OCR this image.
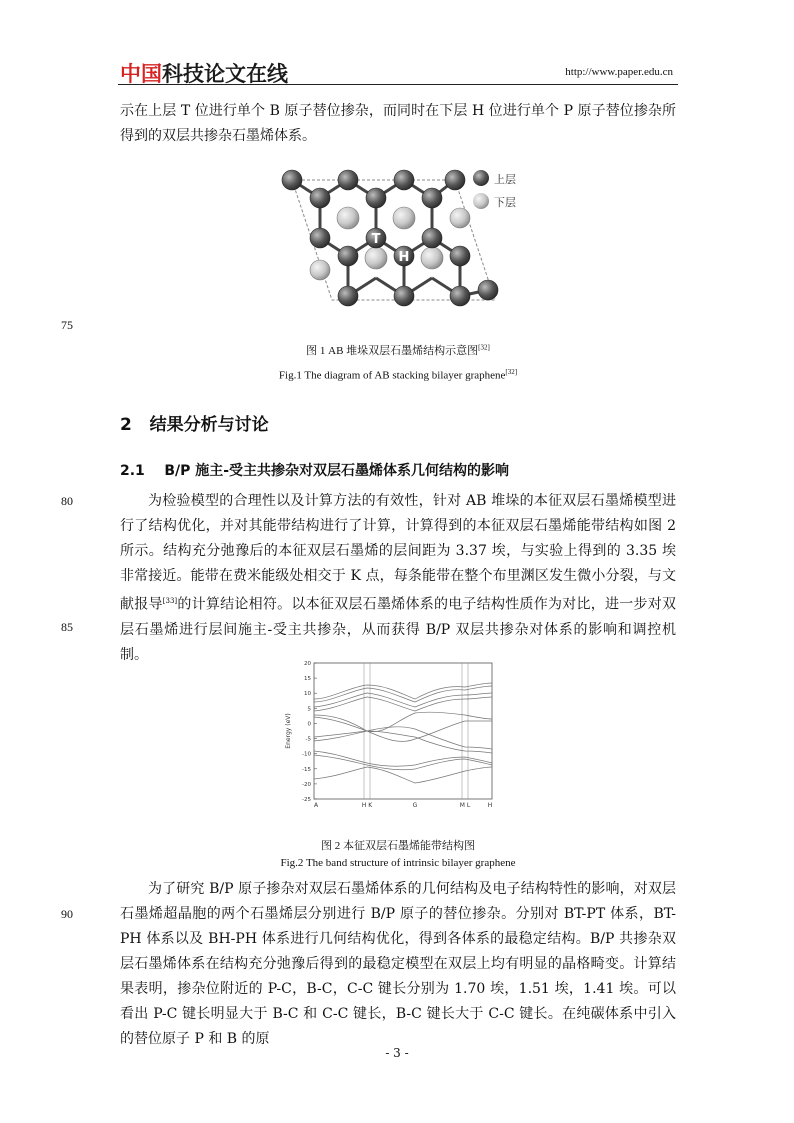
中国科技论文在线	http://www.paper.edu.cn
示在上层 T 位进行单个 B 原子替位掺杂，而同时在下层 H 位进行单个 P 原子替位掺杂所得到的双层共掺杂石墨烯体系。
T
H
上层
下层
75
图 1 AB 堆垛双层石墨烯结构示意图[32]
Fig.1 The diagram of AB stacking bilayer graphene[32]
2 结果分析与讨论
2.1 B/P 施主-受主共掺杂对双层石墨烯体系几何结构的影响
80	为检验模型的合理性以及计算方法的有效性，针对 AB 堆垛的本征双层石墨烯模型进行了结构优化，并对其能带结构进行了计算，计算得到的本征双层石墨烯能带结构如图 2 所示。结构充分弛豫后的本征双层石墨烯的层间距为 3.37 埃，与实验上得到的 3.35 埃非常接近。能带在费米能级处相交于 K 点，每条能带在整个布里渊区发生微小分裂，与文献报导[33]的计算结论相符。以本征双层石墨烯体系的电子结构性质作为对比，进一步对双层石墨烯进行层间施主-受主共掺杂，从而获得 B/P 双层共掺杂对体系的影响和调控机制。
85
20
15
10
5
0
-5
-10
-15
-20
-25
A	H K	G	M L	H
Energy (eV)
图 2 本征双层石墨烯能带结构图
Fig.2 The band structure of intrinsic bilayer graphene
为了研究 B/P 原子掺杂对双层石墨烯体系的几何结构及电子结构特性的影响，对双层石墨烯超晶胞的两个石墨烯层分别进行 B/P 原子的替位掺杂。分别对 BT-PT 体系，BT-PH 体系以及 BH-PH 体系进行几何结构优化，得到各体系的最稳定结构。B/P 共掺杂双层石墨烯体系在结构充分弛豫后得到的最稳定模型在双层上均有明显的晶格畸变。计算结果表明，掺杂位附近的 P-C，B-C，C-C 键长分别为 1.70 埃，1.51 埃，1.41 埃。可以看出 P-C 键长明显大于 B-C 和 C-C 键长，B-C 键长大于 C-C 键长。在纯碳体系中引入的替位原子 P 和 B 的原
90
- 3 -
